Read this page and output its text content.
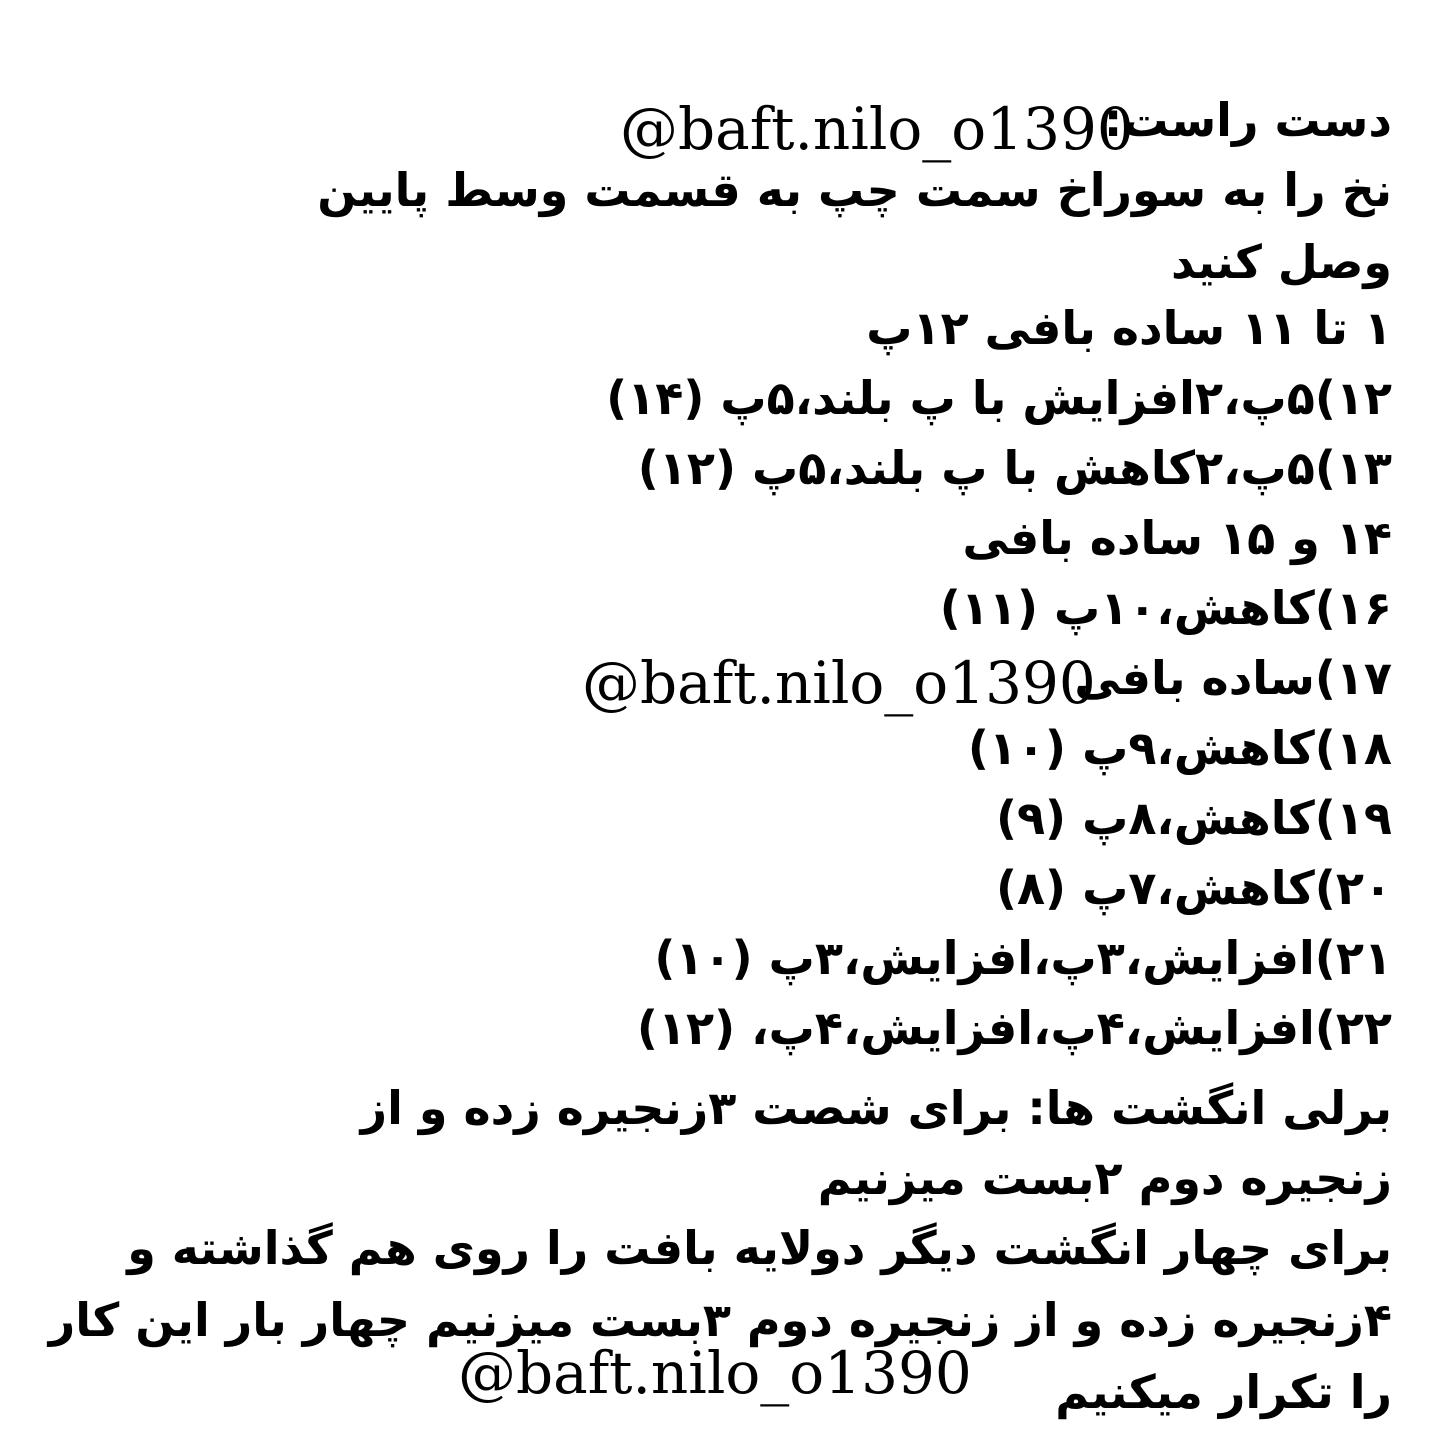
دست راست:
نخ را به سوراخ سمت چپ به قسمت وسط پایین
وصل کنید
۱ تا ۱۱ ساده بافی ۱۲پ
۱۲)۵پ،۲افزایش با پ بلند،۵پ (۱۴)
۱۳)۵پ،۲کاهش با پ بلند،۵پ (۱۲)
۱۴ و ۱۵ ساده بافی
۱۶)کاهش،۱۰پ (۱۱)
۱۷)ساده بافی
۱۸)کاهش،۹پ (۱۰)
۱۹)کاهش،۸پ (۹)
۲۰)کاهش،۷پ (۸)
۲۱)افزایش،۳پ،افزایش،۳پ (۱۰)
۲۲)افزایش،۴پ،افزایش،۴پ، (۱۲)
برلی انگشت ها: برای شصت ۳زنجیره زده و از
زنجیره دوم ۲بست میزنیم
برای چهار انگشت دیگر دولایه بافت را روی هم گذاشته و
۴زنجیره زده و از زنجیره دوم ۳بست میزنیم چهار بار این کار
را تکرار میکنیم
@baft.nilo_o1390
@baft.nilo_o1390
@baft.nilo_o1390
